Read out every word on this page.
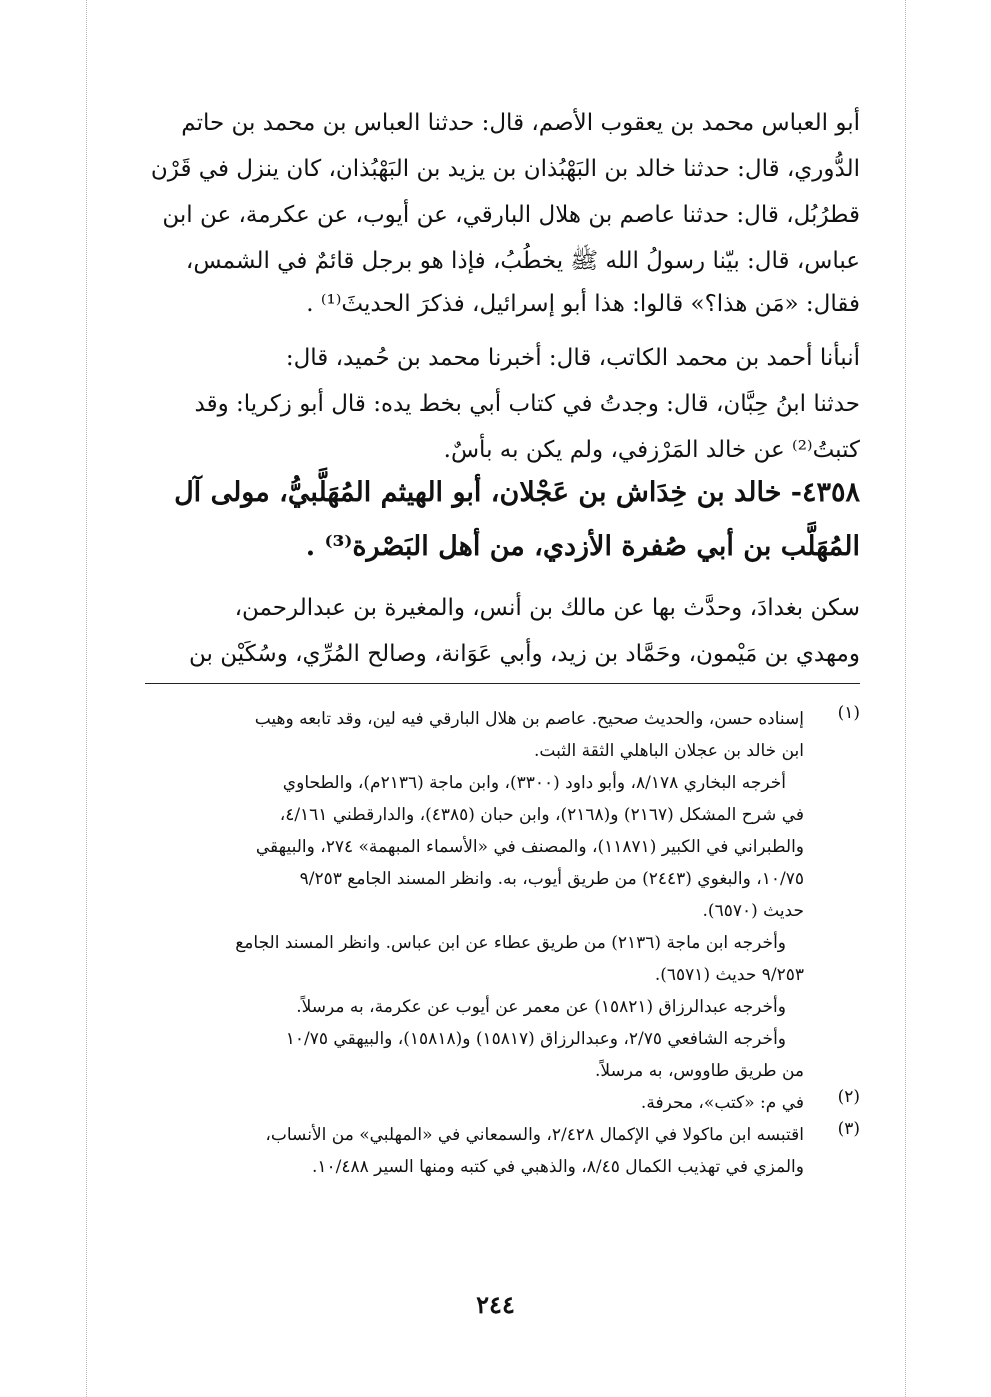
أبو العباس محمد بن يعقوب الأصم، قال: حدثنا العباس بن محمد بن حاتم
الدُّوري، قال: حدثنا خالد بن البَهْبُذان بن يزيد بن البَهْبُذان، كان ينزل في قَرْن
قطرُبُل، قال: حدثنا عاصم بن هلال البارقي، عن أيوب، عن عكرمة، عن ابن
عباس، قال: بيّنا رسولُ الله ﷺ يخطُبُ، فإذا هو برجل قائمٌ في الشمس،
فقال: «مَن هذا؟» قالوا: هذا أبو إسرائيل، فذكرَ الحديثَ⁽¹⁾ .
أنبأنا أحمد بن محمد الكاتب، قال: أخبرنا محمد بن حُميد، قال:
حدثنا ابنُ حِبَّان، قال: وجدتُ في كتاب أبي بخط يده: قال أبو زكريا: وقد
كتبتُ⁽²⁾ عن خالد المَرْزفي، ولم يكن به بأسٌ.
٤٣٥٨- خالد بن خِدَاش بن عَجْلان، أبو الهيثم المُهَلَّبيُّ، مولى آل
المُهَلَّب بن أبي صُفرة الأزدي، من أهل البَصْرة⁽³⁾ .
سكن بغدادَ، وحدَّث بها عن مالك بن أنس، والمغيرة بن عبدالرحمن،
ومهدي بن مَيْمون، وحَمَّاد بن زيد، وأبي عَوَانة، وصالح المُرِّي، وسُكَيْن بن
(١)
إسناده حسن، والحديث صحيح. عاصم بن هلال البارقي فيه لين، وقد تابعه وهيب
ابن خالد بن عجلان الباهلي الثقة الثبت.
أخرجه البخاري ٨/١٧٨، وأبو داود (٣٣٠٠)، وابن ماجة (٢١٣٦م)، والطحاوي
في شرح المشكل (٢١٦٧) و(٢١٦٨)، وابن حبان (٤٣٨٥)، والدارقطني ٤/١٦١،
والطبراني في الكبير (١١٨٧١)، والمصنف في «الأسماء المبهمة» ٢٧٤، والبيهقي
١٠/٧٥، والبغوي (٢٤٤٣) من طريق أيوب، به. وانظر المسند الجامع ٩/٢٥٣
حديث (٦٥٧٠).
وأخرجه ابن ماجة (٢١٣٦) من طريق عطاء عن ابن عباس. وانظر المسند الجامع
٩/٢٥٣ حديث (٦٥٧١).
وأخرجه عبدالرزاق (١٥٨٢١) عن معمر عن أيوب عن عكرمة، به مرسلاً.
وأخرجه الشافعي ٢/٧٥، وعبدالرزاق (١٥٨١٧) و(١٥٨١٨)، والبيهقي ١٠/٧٥
من طريق طاووس، به مرسلاً.
(٢)
في م: «كتب»، محرفة.
(٣)
اقتبسه ابن ماكولا في الإكمال ٢/٤٢٨، والسمعاني في «المهلبي» من الأنساب،
والمزي في تهذيب الكمال ٨/٤٥، والذهبي في كتبه ومنها السير ١٠/٤٨٨.
٢٤٤
